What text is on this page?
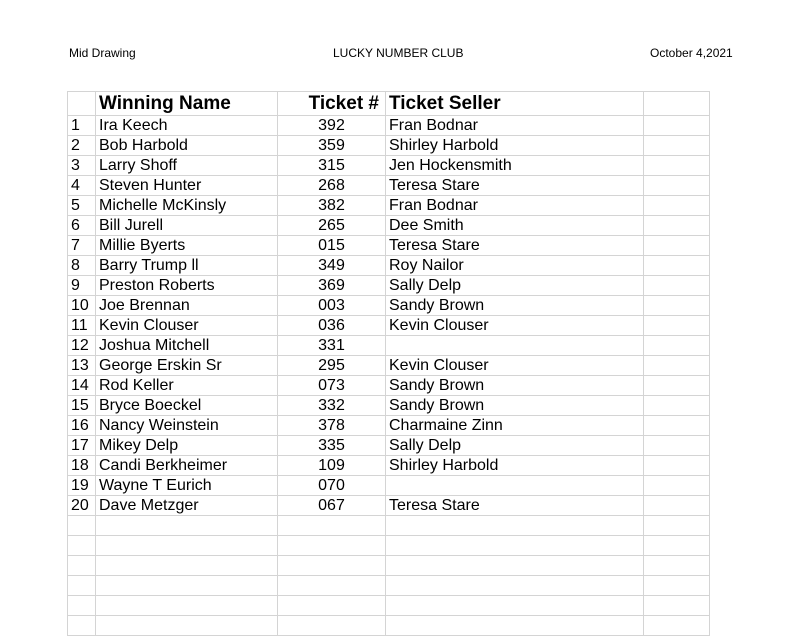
Mid Drawing	LUCKY NUMBER CLUB	October 4,2021
	Winning Name	Ticket #	Ticket Seller	
1	Ira Keech	392	Fran Bodnar	
2	Bob Harbold	359	Shirley Harbold	
3	Larry Shoff	315	Jen Hockensmith	
4	Steven Hunter	268	Teresa Stare	
5	Michelle McKinsly	382	Fran Bodnar	
6	Bill Jurell	265	Dee Smith	
7	Millie Byerts	015	Teresa Stare	
8	Barry Trump ll	349	Roy Nailor	
9	Preston Roberts	369	Sally Delp	
10	Joe Brennan	003	Sandy Brown	
11	Kevin Clouser	036	Kevin Clouser	
12	Joshua Mitchell	331		
13	George Erskin Sr	295	Kevin Clouser	
14	Rod Keller	073	Sandy Brown	
15	Bryce Boeckel	332	Sandy Brown	
16	Nancy Weinstein	378	Charmaine Zinn	
17	Mikey Delp	335	Sally Delp	
18	Candi Berkheimer	109	Shirley Harbold	
19	Wayne T Eurich	070		
20	Dave Metzger	067	Teresa Stare	
